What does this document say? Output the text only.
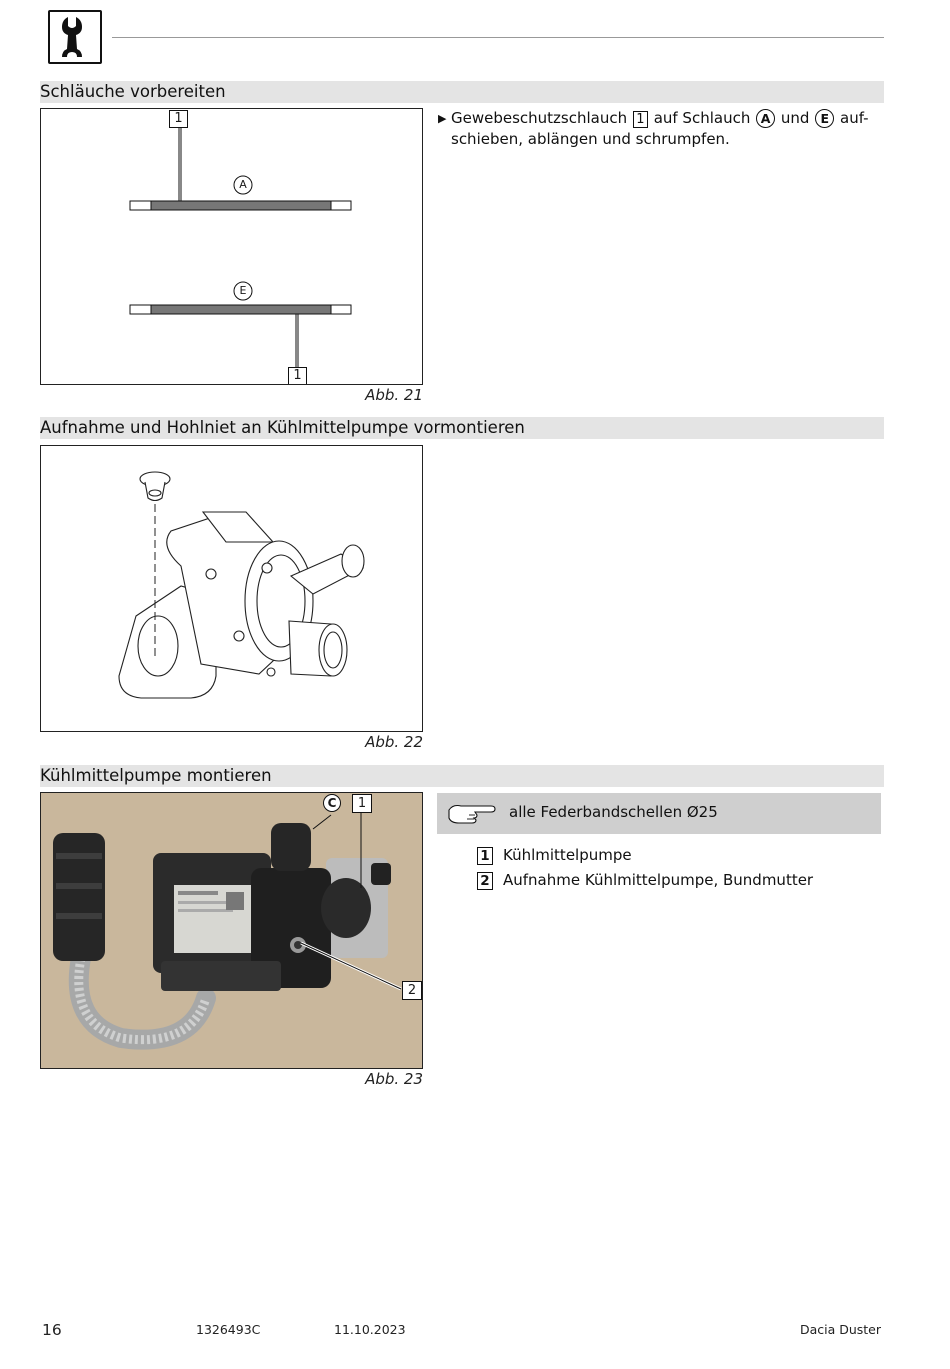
Schläuche vorbereiten
1
1
A
E
Abb. 21
▶ Gewebeschutzschlauch 1 auf Schlauch A und E auf-
schieben, ablängen und schrumpfen.
Aufnahme und Hohlniet an Kühlmittelpumpe vormontieren
Abb. 22
Kühlmittelpumpe montieren
C	1
2
Abb. 23
alle Federbandschellen Ø25
1 Kühlmittelpumpe
2 Aufnahme Kühlmittelpumpe, Bundmutter
16	1326493C	11.10.2023	Dacia Duster
